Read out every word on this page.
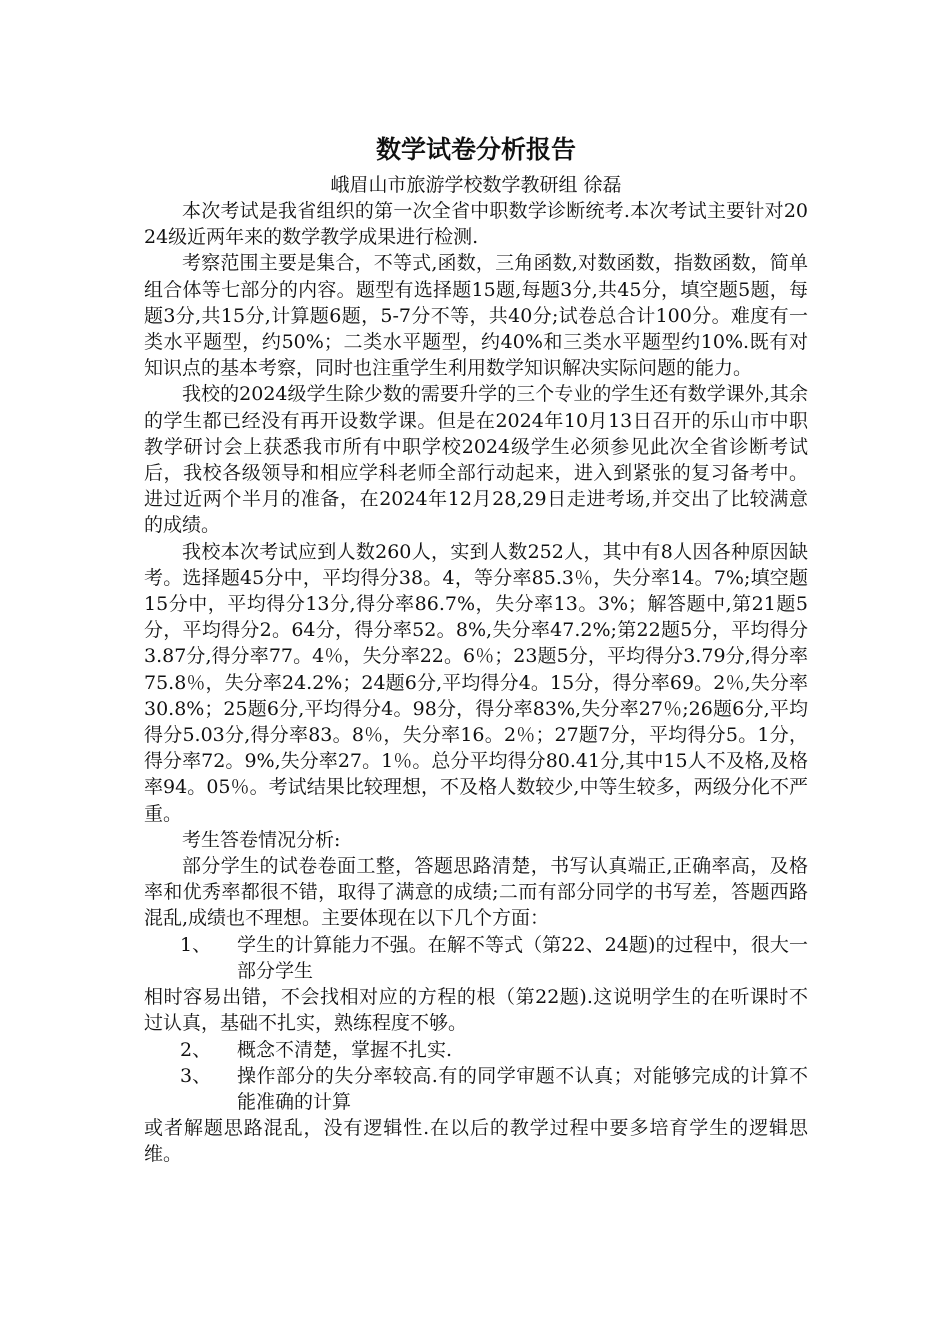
数学试卷分析报告

峨眉山市旅游学校数学教研组 徐磊

本次考试是我省组织的第一次全省中职数学诊断统考.本次考试主要针对2024级近两年来的数学教学成果进行检测.

考察范围主要是集合，不等式,函数，三角函数,对数函数，指数函数，简单组合体等七部分的内容。题型有选择题15题,每题3分,共45分，填空题5题，每题3分,共15分,计算题6题，5-7分不等，共40分;试卷总合计100分。难度有一类水平题型，约50%；二类水平题型，约40%和三类水平题型约10%.既有对知识点的基本考察，同时也注重学生利用数学知识解决实际问题的能力。

我校的2024级学生除少数的需要升学的三个专业的学生还有数学课外,其余的学生都已经没有再开设数学课。但是在2024年10月13日召开的乐山市中职教学研讨会上获悉我市所有中职学校2024级学生必须参见此次全省诊断考试后，我校各级领导和相应学科老师全部行动起来，进入到紧张的复习备考中。进过近两个半月的准备，在2024年12月28,29日走进考场,并交出了比较满意的成绩。

我校本次考试应到人数260人，实到人数252人，其中有8人因各种原因缺考。选择题45分中，平均得分38。4，等分率85.3％，失分率14。7%;填空题15分中，平均得分13分,得分率86.7%，失分率13。3%；解答题中,第21题5分，平均得分2。64分，得分率52。8%,失分率47.2%;第22题5分，平均得分3.87分,得分率77。4％，失分率22。6％；23题5分，平均得分3.79分,得分率75.8％，失分率24.2%；24题6分,平均得分4。15分，得分率69。2％,失分率30.8%；25题6分,平均得分4。98分，得分率83%,失分率27％;26题6分,平均得分5.03分,得分率83。8％，失分率16。2％；27题7分，平均得分5。1分，得分率72。9%,失分率27。1％。总分平均得分80.41分,其中15人不及格,及格率94。05％。考试结果比较理想，不及格人数较少,中等生较多，两级分化不严重。

考生答卷情况分析:

部分学生的试卷卷面工整，答题思路清楚，书写认真端正,正确率高，及格率和优秀率都很不错，取得了满意的成绩;二而有部分同学的书写差，答题西路混乱,成绩也不理想。主要体现在以下几个方面：

1、	学生的计算能力不强。在解不等式（第22、24题)的过程中，很大一部分学生

相时容易出错，不会找相对应的方程的根（第22题).这说明学生的在听课时不过认真，基础不扎实，熟练程度不够。

2、	概念不清楚，掌握不扎实.
3、	操作部分的失分率较高.有的同学审题不认真；对能够完成的计算不能准确的计算

或者解题思路混乱，没有逻辑性.在以后的教学过程中要多培育学生的逻辑思维。
